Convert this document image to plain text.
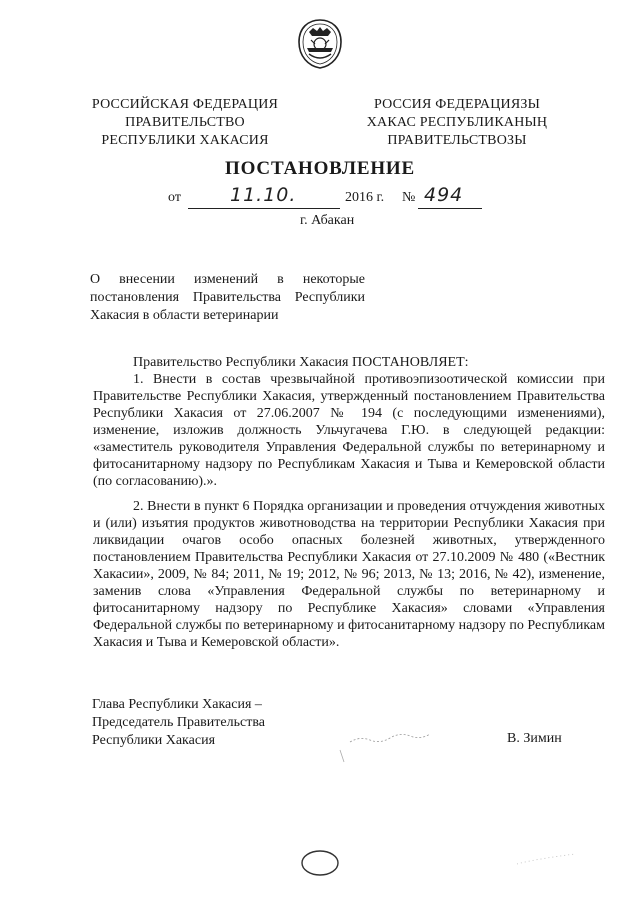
РОССИЙСКАЯ ФЕДЕРАЦИЯ
ПРАВИТЕЛЬСТВО
РЕСПУБЛИКИ ХАКАСИЯ
РОССИЯ ФЕДЕРАЦИЯЗЫ
ХАКАС РЕСПУБЛИКАНЫҢ
ПРАВИТЕЛЬСТВОЗЫ
ПОСТАНОВЛЕНИЕ
от	11.10.	2016 г. № 494
г. Абакан
О внесении изменений в некоторые постановления Правительства Республики Хакасия в области ветеринарии

Правительство Республики Хакасия ПОСТАНОВЛЯЕТ:

1. Внести в состав чрезвычайной противоэпизоотической комиссии при Правительстве Республики Хакасия, утвержденный постановлением Правительства Республики Хакасия от 27.06.2007 № 194 (с последующими изменениями), изменение, изложив должность Ульчугачева Г.Ю. в следующей редакции: «заместитель руководителя Управления Федеральной службы по ветеринарному и фитосанитарному надзору по Республикам Хакасия и Тыва и Кемеровской области (по согласованию).».

2. Внести в пункт 6 Порядка организации и проведения отчуждения животных и (или) изъятия продуктов животноводства на территории Республики Хакасия при ликвидации очагов особо опасных болезней животных, утвержденного постановлением Правительства Республики Хакасия от 27.10.2009 № 480 («Вестник Хакасии», 2009, № 84; 2011, № 19; 2012, № 96; 2013, № 13; 2016, № 42), изменение, заменив слова «Управления Федеральной службы по ветеринарному и фитосанитарному надзору по Республике Хакасия» словами «Управления Федеральной службы по ветеринарному и фитосанитарному надзору по Республикам Хакасия и Тыва и Кемеровской области».

Глава Республики Хакасия –
Председатель Правительства
Республики Хакасия	В. Зимин
